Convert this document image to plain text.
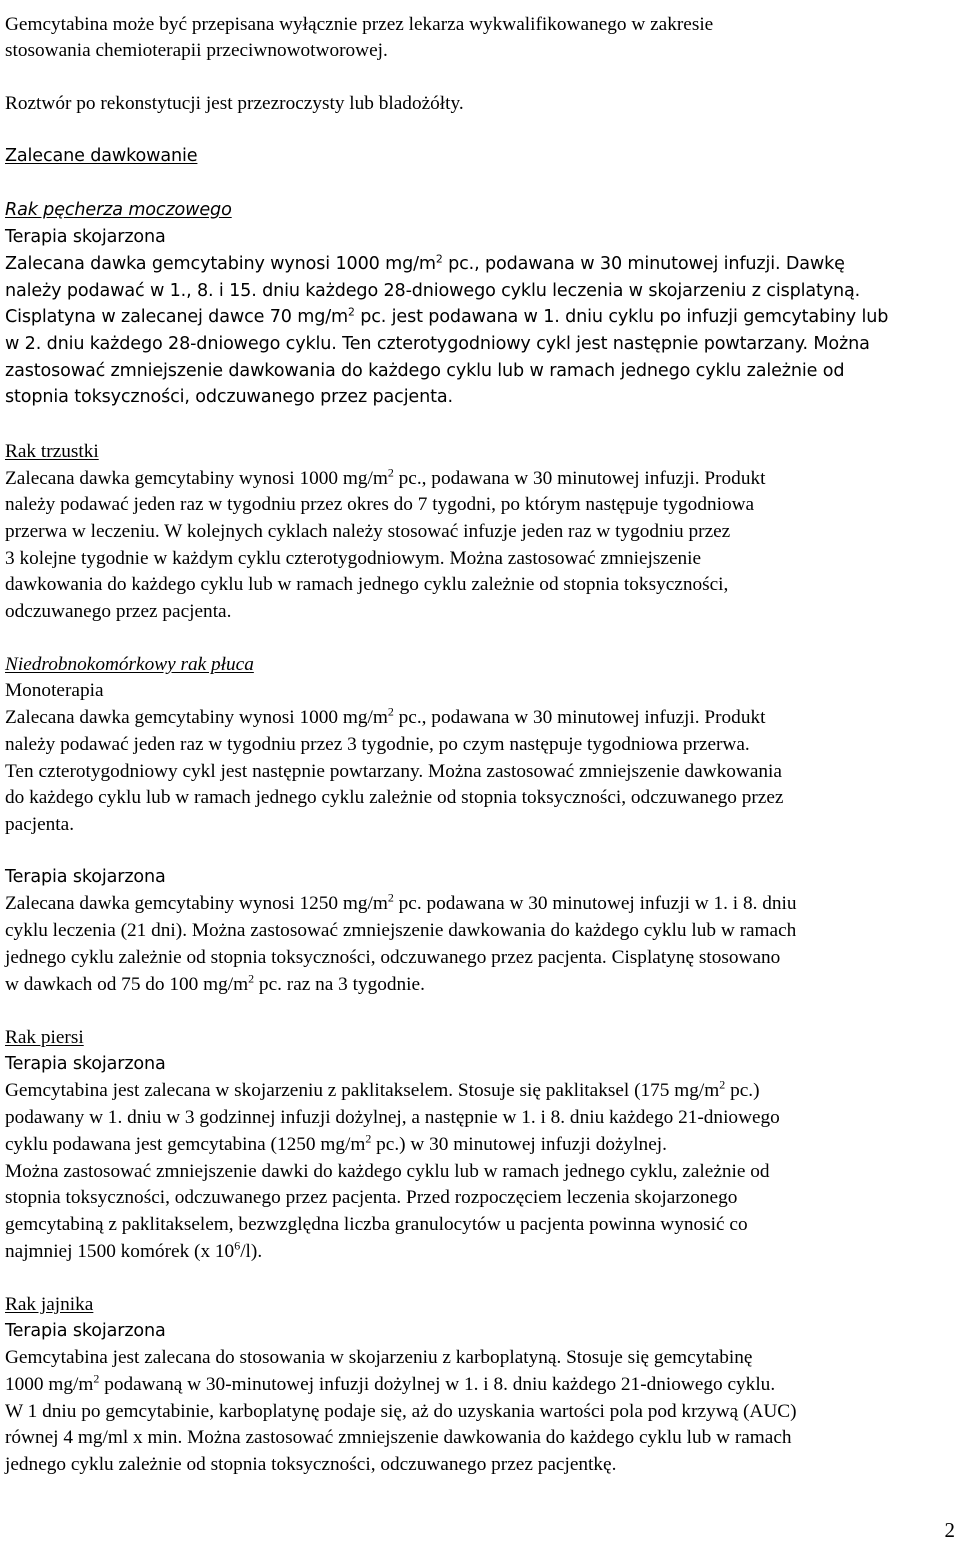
Gemcytabina może być przepisana wyłącznie przez lekarza wykwalifikowanego w zakresie
stosowania chemioterapii przeciwnowotworowej.
Roztwór po rekonstytucji jest przezroczysty lub bladożółty.
Zalecane dawkowanie
Rak pęcherza moczowego
Terapia skojarzona
Zalecana dawka gemcytabiny wynosi 1000 $mg/m^2$ pc., podawana w 30 minutowej infuzji. Dawkę
należy podawać w 1., 8. i 15. dniu każdego 28-dniowego cyklu leczenia w skojarzeniu z cisplatyną.
Cisplatyna w zalecanej dawce 70 $mg/m^2$ pc. jest podawana w 1. dniu cyklu po infuzji gemcytabiny lub
w 2. dniu każdego 28-dniowego cyklu. Ten czterotygodniowy cykl jest następnie powtarzany. Można
zastosować zmniejszenie dawkowania do każdego cyklu lub w ramach jednego cyklu zależnie od
stopnia toksyczności, odczuwanego przez pacjenta.
Rak trzustki
Zalecana dawka gemcytabiny wynosi 1000 $mg/m^2$ pc., podawana w 30 minutowej infuzji. Produkt
należy podawać jeden raz w tygodniu przez okres do 7 tygodni, po którym następuje tygodniowa
przerwa w leczeniu. W kolejnych cyklach należy stosować infuzje jeden raz w tygodniu przez
3 kolejne tygodnie w każdym cyklu czterotygodniowym. Można zastosować zmniejszenie
dawkowania do każdego cyklu lub w ramach jednego cyklu zależnie od stopnia toksyczności,
odczuwanego przez pacjenta.
Niedrobnokomórkowy rak płuca
Monoterapia
Zalecana dawka gemcytabiny wynosi 1000 $mg/m^2$ pc., podawana w 30 minutowej infuzji. Produkt
należy podawać jeden raz w tygodniu przez 3 tygodnie, po czym następuje tygodniowa przerwa.
Ten czterotygodniowy cykl jest następnie powtarzany. Można zastosować zmniejszenie dawkowania
do każdego cyklu lub w ramach jednego cyklu zależnie od stopnia toksyczności, odczuwanego przez
pacjenta.
Terapia skojarzona
Zalecana dawka gemcytabiny wynosi 1250 $mg/m^2$ pc. podawana w 30 minutowej infuzji w 1. i 8. dniu
cyklu leczenia (21 dni). Można zastosować zmniejszenie dawkowania do każdego cyklu lub w ramach
jednego cyklu zależnie od stopnia toksyczności, odczuwanego przez pacjenta. Cisplatynę stosowano
w dawkach od 75 do 100 $mg/m^2$ pc. raz na 3 tygodnie.
Rak piersi
Terapia skojarzona
Gemcytabina jest zalecana w skojarzeniu z paklitakselem. Stosuje się paklitaksel (175 $mg/m^2$ pc.)
podawany w 1. dniu w 3 godzinnej infuzji dożylnej, a następnie w 1. i 8. dniu każdego 21-dniowego
cyklu podawana jest gemcytabina (1250 $mg/m^2$ pc.) w 30 minutowej infuzji dożylnej.
Można zastosować zmniejszenie dawki do każdego cyklu lub w ramach jednego cyklu, zależnie od
stopnia toksyczności, odczuwanego przez pacjenta. Przed rozpoczęciem leczenia skojarzonego
gemcytabiną z paklitakselem, bezwzględna liczba granulocytów u pacjenta powinna wynosić co
najmniej 1500 komórek (x $10^6/l$).
Rak jajnika
Terapia skojarzona
Gemcytabina jest zalecana do stosowania w skojarzeniu z karboplatyną. Stosuje się gemcytabinę
1000 $mg/m^2$ podawaną w 30-minutowej infuzji dożylnej w 1. i 8. dniu każdego 21-dniowego cyklu.
W 1 dniu po gemcytabinie, karboplatynę podaje się, aż do uzyskania wartości pola pod krzywą (AUC)
równej 4 mg/ml x min. Można zastosować zmniejszenie dawkowania do każdego cyklu lub w ramach
jednego cyklu zależnie od stopnia toksyczności, odczuwanego przez pacjentkę.
2
